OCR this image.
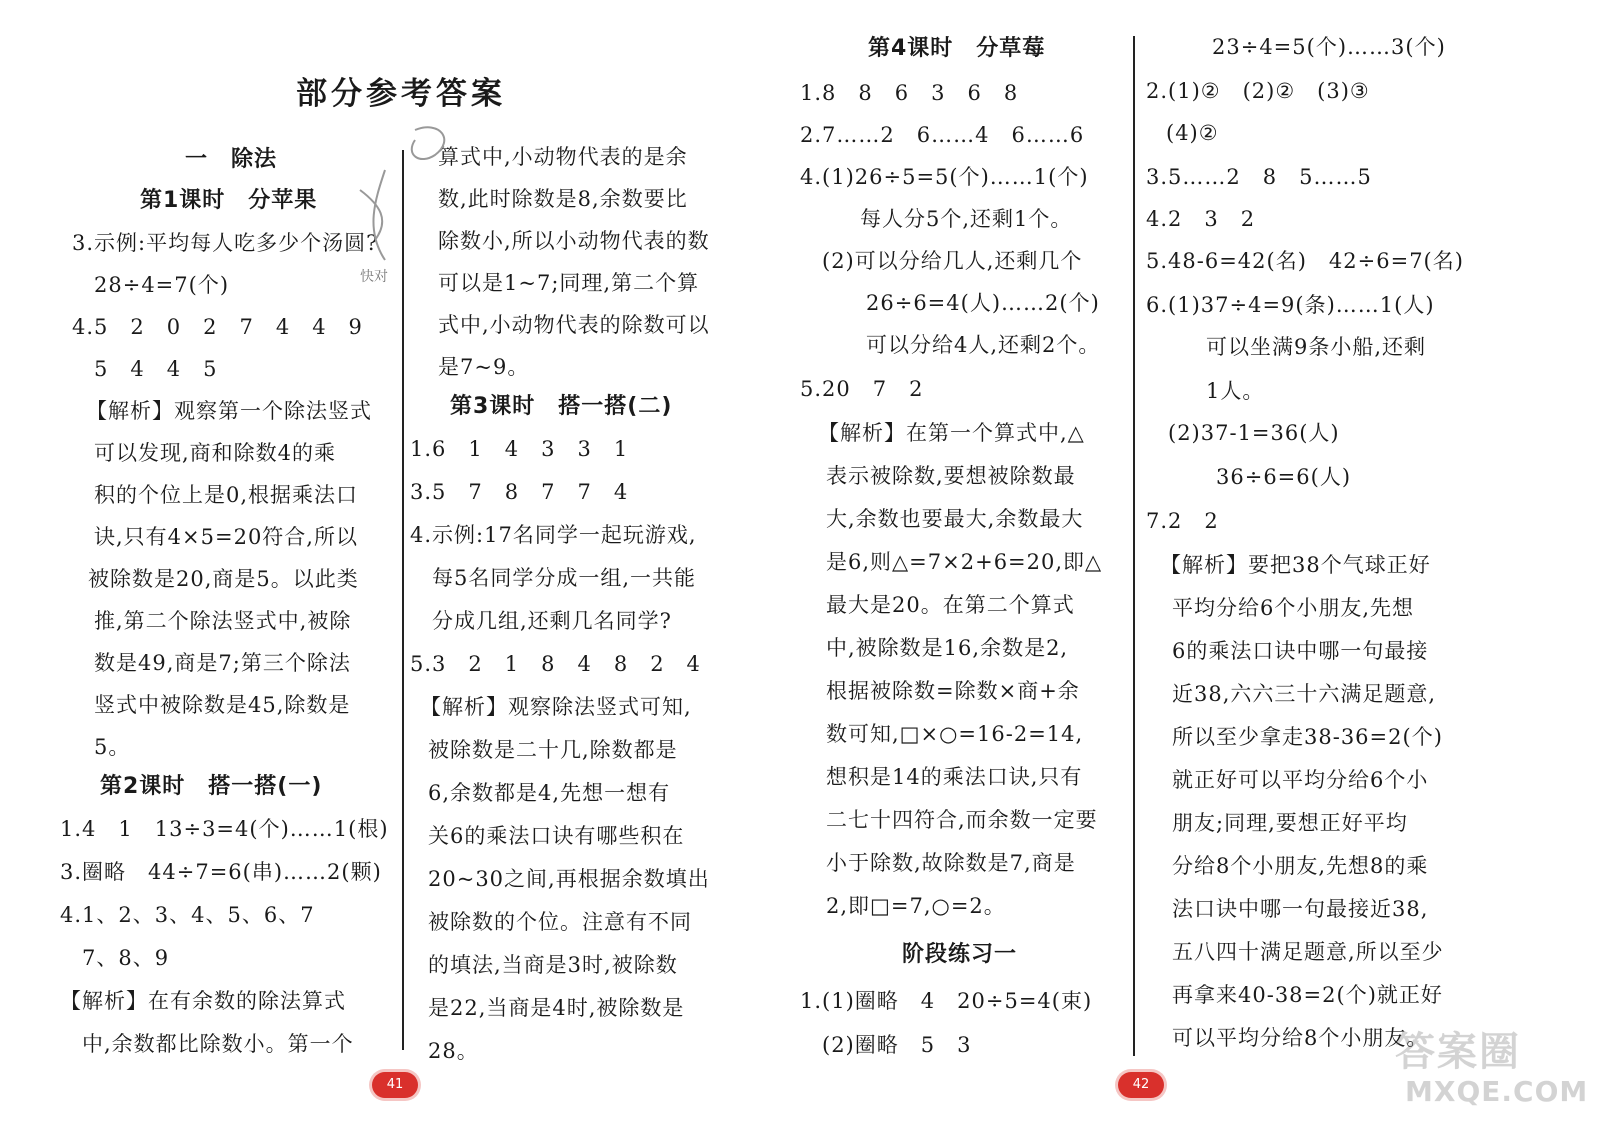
部分参考答案
一　除法
第1课时　分苹果
3.示例:平均每人吃多少个汤圆?
28÷4=7(个)
4.5　2　0　2　7　4　4　9
5　4　4　5
【解析】观察第一个除法竖式
可以发现,商和除数4的乘
积的个位上是0,根据乘法口
诀,只有4×5=20符合,所以
被除数是20,商是5。以此类
推,第二个除法竖式中,被除
数是49,商是7;第三个除法
竖式中被除数是45,除数是
5。
第2课时　搭一搭(一)
1.4　1　13÷3=4(个)……1(根)
3.圈略　44÷7=6(串)……2(颗)
4.1、2、3、4、5、6、7
7、8、9
【解析】在有余数的除法算式
中,余数都比除数小。第一个
算式中,小动物代表的是余
数,此时除数是8,余数要比
除数小,所以小动物代表的数
可以是1~7;同理,第二个算
式中,小动物代表的除数可以
是7~9。
第3课时　搭一搭(二)
1.6　1　4　3　3　1
3.5　7　8　7　7　4
4.示例:17名同学一起玩游戏,
每5名同学分成一组,一共能
分成几组,还剩几名同学?
5.3　2　1　8　4　8　2　4
【解析】观察除法竖式可知,
被除数是二十几,除数都是
6,余数都是4,先想一想有
关6的乘法口诀有哪些积在
20~30之间,再根据余数填出
被除数的个位。注意有不同
的填法,当商是3时,被除数
是22,当商是4时,被除数是
28。
快对
41
第4课时　分草莓
1.8　8　6　3　6　8
2.7……2　6……4　6……6
4.(1)26÷5=5(个)……1(个)
每人分5个,还剩1个。
(2)可以分给几人,还剩几个
26÷6=4(人)……2(个)
可以分给4人,还剩2个。
5.20　7　2
【解析】在第一个算式中,△
表示被除数,要想被除数最
大,余数也要最大,余数最大
是6,则△=7×2+6=20,即△
最大是20。在第二个算式
中,被除数是16,余数是2,
根据被除数=除数×商+余
数可知,□×○=16-2=14,
想积是14的乘法口诀,只有
二七十四符合,而余数一定要
小于除数,故除数是7,商是
2,即□=7,○=2。
阶段练习一
1.(1)圈略　4　20÷5=4(束)
(2)圈略　5　3
23÷4=5(个)……3(个)
2.(1)②　(2)②　(3)③
(4)②
3.5……2　8　5……5
4.2　3　2
5.48-6=42(名)　42÷6=7(名)
6.(1)37÷4=9(条)……1(人)
可以坐满9条小船,还剩
1人。
(2)37-1=36(人)
36÷6=6(人)
7.2　2
【解析】要把38个气球正好
平均分给6个小朋友,先想
6的乘法口诀中哪一句最接
近38,六六三十六满足题意,
所以至少拿走38-36=2(个)
就正好可以平均分给6个小
朋友;同理,要想正好平均
分给8个小朋友,先想8的乘
法口诀中哪一句最接近38,
五八四十满足题意,所以至少
再拿来40-38=2(个)就正好
可以平均分给8个小朋友。
42
答案圈
MXQE.COM
